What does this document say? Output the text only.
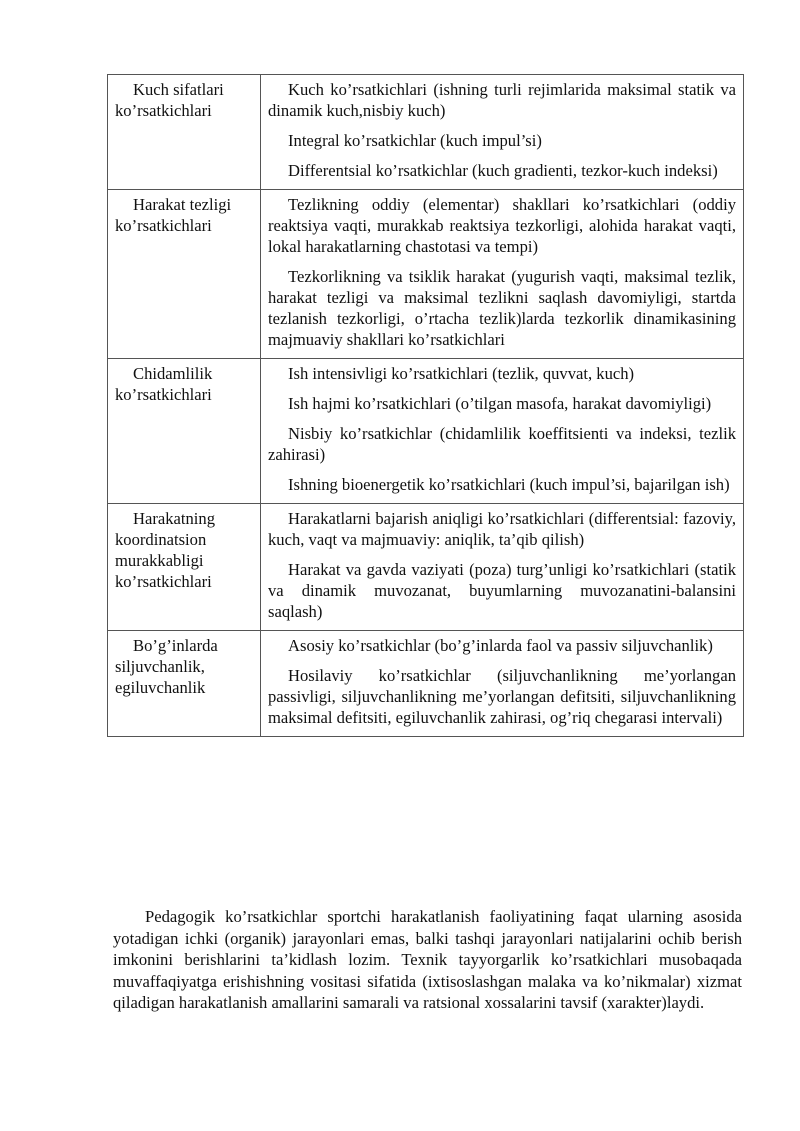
Kuch sifatlari ko’rsatkichlari	Kuch ko’rsatkichlari (ishning turli rejimlarida maksimal statik va dinamik kuch,nisbiy kuch)

Integral ko’rsatkichlar (kuch impul’si)

Differentsial ko’rsatkichlar (kuch gradienti, tezkor-kuch indeksi)

Harakat tezligi ko’rsatkichlari	Tezlikning oddiy (elementar) shakllari ko’rsatkichlari (oddiy reaktsiya vaqti, murakkab reaktsiya tezkorligi, alohida harakat vaqti, lokal harakatlarning chastotasi va tempi)

Tezkorlikning va tsiklik harakat (yugurish vaqti, maksimal tezlik, harakat tezligi va maksimal tezlikni saqlash davomiyligi, startda tezlanish tezkorligi, o’rtacha tezlik)larda tezkorlik dinamikasining majmuaviy shakllari ko’rsatkichlari

Chidamlilik ko’rsatkichlari	Ish intensivligi ko’rsatkichlari (tezlik, quvvat, kuch)

Ish hajmi ko’rsatkichlari (o’tilgan masofa, harakat davomiyligi)

Nisbiy ko’rsatkichlar (chidamlilik koeffitsienti va indeksi, tezlik zahirasi)

Ishning bioenergetik ko’rsatkichlari (kuch impul’si, bajarilgan ish)

Harakatning koordinatsion murakkabligi ko’rsatkichlari	Harakatlarni bajarish aniqligi ko’rsatkichlari (differentsial: fazoviy, kuch, vaqt va majmuaviy: aniqlik, ta’qib qilish)

Harakat va gavda vaziyati (poza) turg’unligi ko’rsatkichlari (statik va dinamik muvozanat, buyumlarning muvozanatini-balansini saqlash)

Bo’g’inlarda siljuvchanlik, egiluvchanlik	Asosiy ko’rsatkichlar (bo’g’inlarda faol va passiv siljuvchanlik)

Hosilaviy ko’rsatkichlar (siljuvchanlikning me’yorlangan passivligi, siljuvchanlikning me’yorlangan defitsiti, siljuvchanlikning maksimal defitsiti, egiluvchanlik zahirasi, og’riq chegarasi intervali)

Pedagogik ko’rsatkichlar sportchi harakatlanish faoliyatining faqat ularning asosida yotadigan ichki (organik) jarayonlari emas, balki tashqi jarayonlari natijalarini ochib berish imkonini berishlarini ta’kidlash lozim. Texnik tayyorgarlik ko’rsatkichlari musobaqada muvaffaqiyatga erishishning vositasi sifatida (ixtisoslashgan malaka va ko’nikmalar) xizmat qiladigan harakatlanish amallarini samarali va ratsional xossalarini tavsif (xarakter)laydi.
